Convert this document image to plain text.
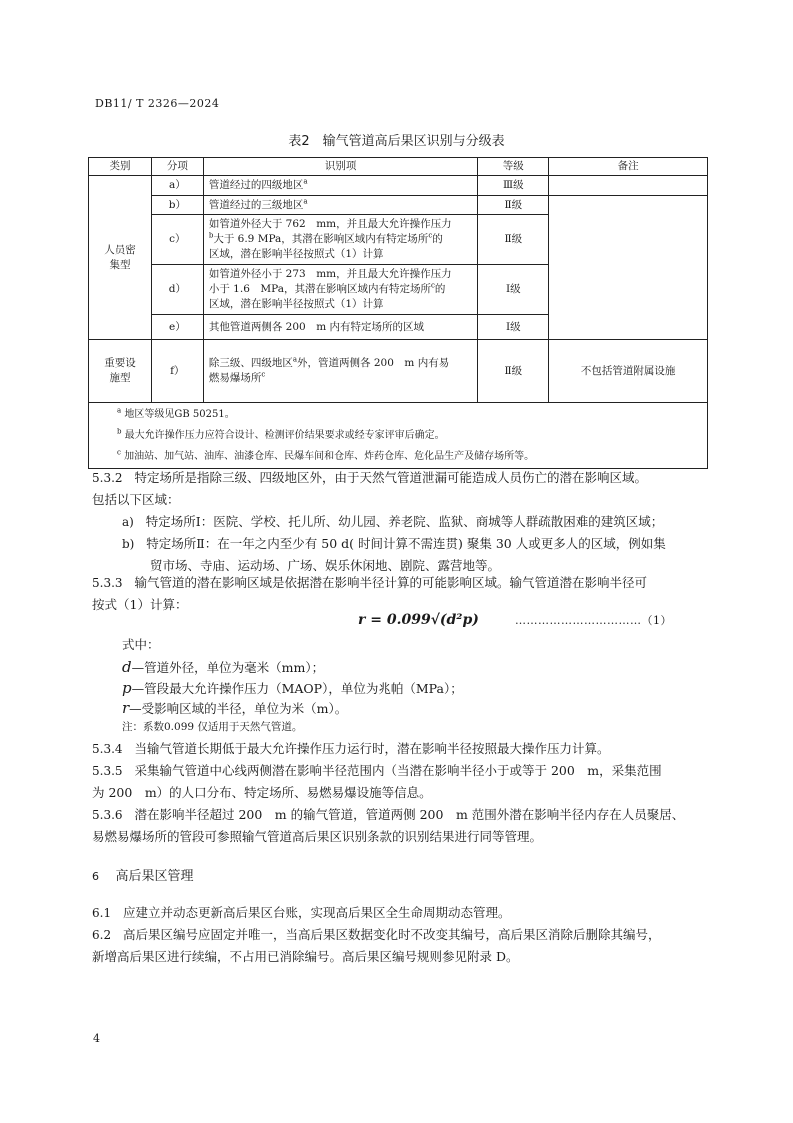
DB11/ T 2326—2024
表2　输气管道高后果区识别与分级表
类别	分项	识别项	等级	备注
人员密
集型	a）	管道经过的四级地区$^a$	Ⅲ级	
	b）	管道经过的三级地区$^a$	Ⅱ级	
	c）	如管道外径大于 762　mm，并且最大允许操作压力
$^b$大于 6.9 MPa，其潜在影响区域内有特定场所$^c$的
区域，潜在影响半径按照式（1）计算	Ⅱ级	
	d）	如管道外径小于 273　mm，并且最大允许操作压力
小于 1.6　MPa，其潜在影响区域内有特定场所$^c$的
区域，潜在影响半径按照式（1）计算	Ⅰ级	
	e）	其他管道两侧各 200　m 内有特定场所的区域	Ⅰ级	
重要设
施型	f）	除三级、四级地区$^a$外，管道两侧各 200　m 内有易
燃易爆场所$^c$	Ⅱ级	不包括管道附属设施

$^a$ 地区等级见GB 50251。
$^b$ 最大允许操作压力应符合设计、检测评价结果要求或经专家评审后确定。
$^c$ 加油站、加气站、油库、油漆仓库、民爆车间和仓库、炸药仓库、危化品生产及储存场所等。				
5.3.2 特定场所是指除三级、四级地区外，由于天然气管道泄漏可能造成人员伤亡的潜在影响区域。
包括以下区域：
a) 特定场所Ⅰ：医院、学校、托儿所、幼儿园、养老院、监狱、商城等人群疏散困难的建筑区域；
b) 特定场所Ⅱ：在一年之内至少有 50 d( 时间计算不需连贯) 聚集 30 人或更多人的区域，例如集
贸市场、寺庙、运动场、广场、娱乐休闲地、剧院、露营地等。
5.3.3 输气管道的潜在影响区域是依据潜在影响半径计算的可能影响区域。输气管道潜在影响半径可
按式（1）计算：
r = 0.099√(d²p)	……………………………（1）
式中：
d—管道外径，单位为毫米（mm）；
p—管段最大允许操作压力（MAOP），单位为兆帕（MPa）；
r—受影响区域的半径，单位为米（m）。
注：系数0.099 仅适用于天然气管道。
5.3.4 当输气管道长期低于最大允许操作压力运行时，潜在影响半径按照最大操作压力计算。
5.3.5 采集输气管道中心线两侧潜在影响半径范围内（当潜在影响半径小于或等于 200　m，采集范围
为 200　m）的人口分布、特定场所、易燃易爆设施等信息。
5.3.6 潜在影响半径超过 200　m 的输气管道，管道两侧 200　m 范围外潜在影响半径内存在人员聚居、
易燃易爆场所的管段可参照输气管道高后果区识别条款的识别结果进行同等管理。
6 高后果区管理
6.1 应建立并动态更新高后果区台账，实现高后果区全生命周期动态管理。
6.2 高后果区编号应固定并唯一，当高后果区数据变化时不改变其编号，高后果区消除后删除其编号，
新增高后果区进行续编，不占用已消除编号。高后果区编号规则参见附录 D。
4
